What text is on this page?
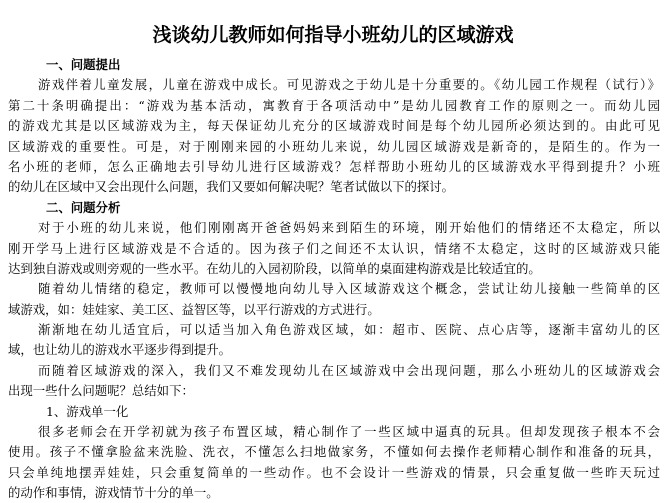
浅谈幼儿教师如何指导小班幼儿的区域游戏
一、问题提出
游戏伴着儿童发展，儿童在游戏中成长。可见游戏之于幼儿是十分重要的。《幼儿园工作规程（试行）》
第二十条明确提出：“游戏为基本活动，寓教育于各项活动中”是幼儿园教育工作的原则之一。而幼儿园
的游戏尤其是以区域游戏为主，每天保证幼儿充分的区域游戏时间是每个幼儿园所必须达到的。由此可见
区域游戏的重要性。可是，对于刚刚来园的小班幼儿来说，幼儿园区域游戏是新奇的，是陌生的。作为一
名小班的老师，怎么正确地去引导幼儿进行区域游戏？怎样帮助小班幼儿的区域游戏水平得到提升？小班
的幼儿在区域中又会出现什么问题，我们又要如何解决呢？笔者试做以下的探讨。
二、问题分析
对于小班的幼儿来说，他们刚刚离开爸爸妈妈来到陌生的环境，刚开始他们的情绪还不太稳定，所以
刚开学马上进行区域游戏是不合适的。因为孩子们之间还不太认识，情绪不太稳定，这时的区域游戏只能
达到独自游戏或则旁观的一些水平。在幼儿的入园初阶段，以简单的桌面建构游戏是比较适宜的。
随着幼儿情绪的稳定，教师可以慢慢地向幼儿导入区域游戏这个概念，尝试让幼儿接触一些简单的区
域游戏，如：娃娃家、美工区、益智区等，以平行游戏的方式进行。
渐渐地在幼儿适宜后，可以适当加入角色游戏区域，如：超市、医院、点心店等，逐渐丰富幼儿的区
域，也让幼儿的游戏水平逐步得到提升。
而随着区域游戏的深入，我们又不难发现幼儿在区域游戏中会出现问题，那么小班幼儿的区域游戏会
出现一些什么问题呢？总结如下：
1、游戏单一化
很多老师会在开学初就为孩子布置区域，精心制作了一些区域中逼真的玩具。但却发现孩子根本不会
使用。孩子不懂拿脸盆来洗脸、洗衣，不懂怎么扫地做家务，不懂如何去操作老师精心制作和准备的玩具，
只会单纯地摆弄娃娃，只会重复简单的一些动作。也不会设计一些游戏的情景，只会重复做一些昨天玩过
的动作和事情，游戏情节十分的单一。
